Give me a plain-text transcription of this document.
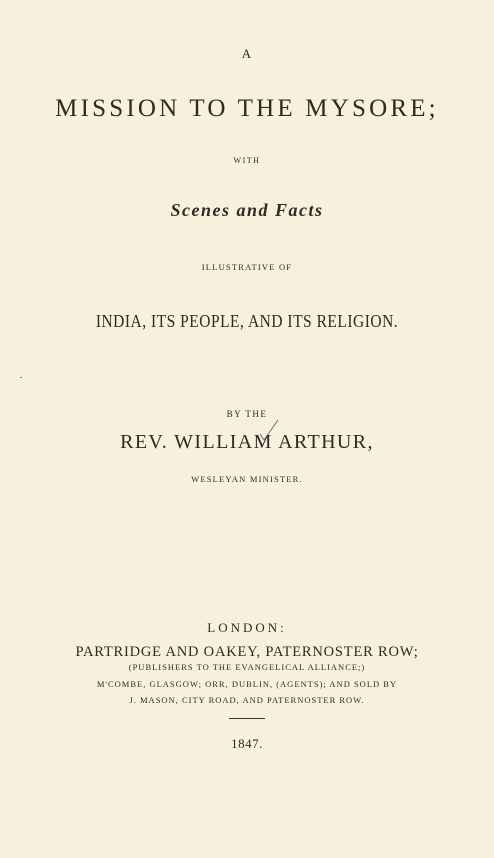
A
MISSION TO THE MYSORE;
WITH
Scenes and Facts
ILLUSTRATIVE OF
INDIA, ITS PEOPLE, AND ITS RELIGION.
BY THE
REV. WILLIAM ARTHUR,
WESLEYAN MINISTER.
LONDON:
PARTRIDGE AND OAKEY, PATERNOSTER ROW;
(PUBLISHERS TO THE EVANGELICAL ALLIANCE;)
M'COMBE, GLASGOW; ORR, DUBLIN, (AGENTS); AND SOLD BY
J. MASON, CITY ROAD, AND PATERNOSTER ROW.
1847.
